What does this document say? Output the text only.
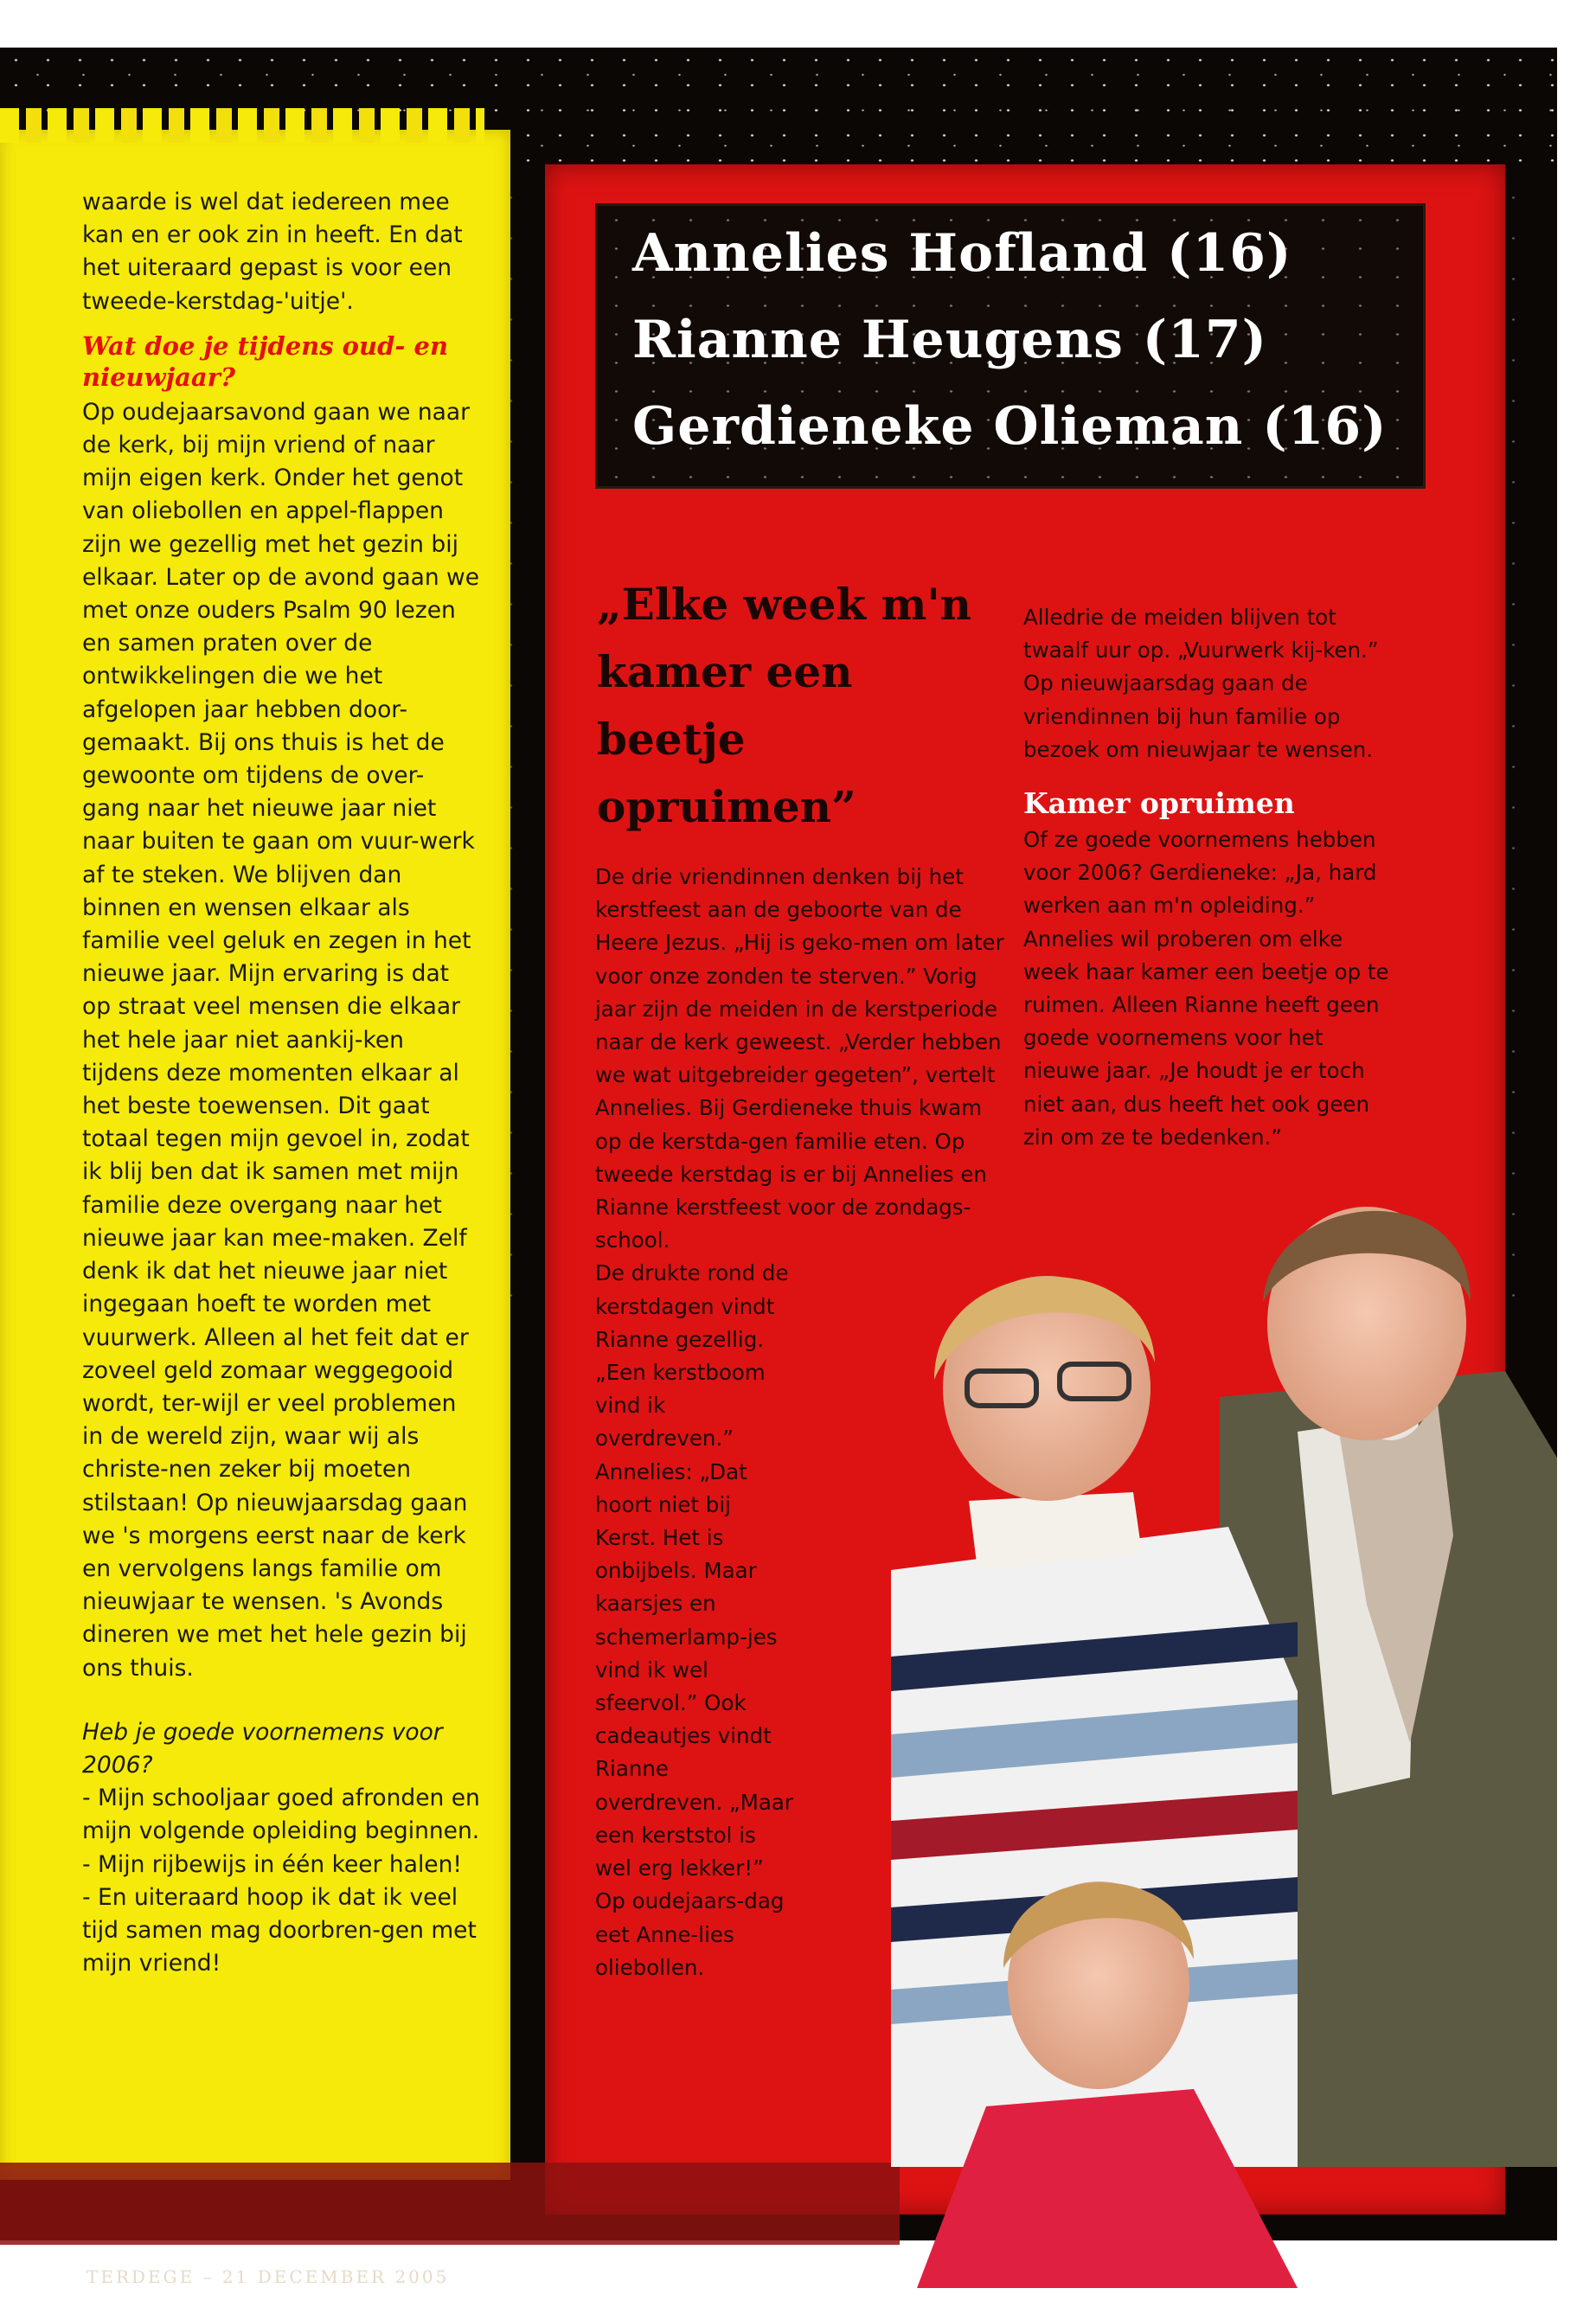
waarde is wel dat iedereen mee kan en er ook zin in heeft. En dat het uiteraard gepast is voor een tweede-kerstdag-'uitje'.

Wat doe je tijdens oud- en nieuwjaar?

Op oudejaarsavond gaan we naar de kerk, bij mijn vriend of naar mijn eigen kerk. Onder het genot van oliebollen en appel-flappen zijn we gezellig met het gezin bij elkaar. Later op de avond gaan we met onze ouders Psalm 90 lezen en samen praten over de ontwikkelingen die we het afgelopen jaar hebben door-gemaakt. Bij ons thuis is het de gewoonte om tijdens de over-gang naar het nieuwe jaar niet naar buiten te gaan om vuur-werk af te steken. We blijven dan binnen en wensen elkaar als familie veel geluk en zegen in het nieuwe jaar. Mijn ervaring is dat op straat veel mensen die elkaar het hele jaar niet aankij-ken tijdens deze momenten elkaar al het beste toewensen. Dit gaat totaal tegen mijn gevoel in, zodat ik blij ben dat ik samen met mijn familie deze overgang naar het nieuwe jaar kan mee-maken. Zelf denk ik dat het nieuwe jaar niet ingegaan hoeft te worden met vuurwerk. Alleen al het feit dat er zoveel geld zomaar weggegooid wordt, ter-wijl er veel problemen in de wereld zijn, waar wij als christe-nen zeker bij moeten stilstaan! Op nieuwjaarsdag gaan we 's morgens eerst naar de kerk en vervolgens langs familie om nieuwjaar te wensen. 's Avonds dineren we met het hele gezin bij ons thuis.

Heb je goede voornemens voor 2006?

- Mijn schooljaar goed afronden en mijn volgende opleiding beginnen.

- Mijn rijbewijs in één keer halen!

- En uiteraard hoop ik dat ik veel tijd samen mag doorbren-gen met mijn vriend!

Annelies Hofland (16)
Rianne Heugens (17)
Gerdieneke Olieman (16)
„Elke week m'n kamer een beetje opruimen”

De drie vriendinnen denken bij het kerstfeest aan de geboorte van de Heere Jezus. „Hij is geko-men om later voor onze zonden te sterven.” Vorig jaar zijn de meiden in de kerstperiode naar de kerk geweest. „Verder hebben we wat uitgebreider gegeten”, vertelt Annelies. Bij Gerdieneke thuis kwam op de kerstda-gen familie eten. Op tweede kerstdag is er bij Annelies en Rianne kerstfeest voor de zondags-school.

De drukte rond de kerstdagen vindt Rianne gezellig. „Een kerstboom vind ik overdreven.” Annelies: „Dat hoort niet bij Kerst. Het is onbijbels. Maar kaarsjes en schemerlamp-jes vind ik wel sfeervol.” Ook cadeautjes vindt Rianne overdreven. „Maar een kerststol is wel erg lekker!” Op oudejaars-dag eet Anne-lies oliebollen.

Alledrie de meiden blijven tot twaalf uur op. „Vuurwerk kij-ken.” Op nieuwjaarsdag gaan de vriendinnen bij hun familie op bezoek om nieuwjaar te wensen.

Kamer opruimen

Of ze goede voornemens hebben voor 2006? Gerdieneke: „Ja, hard werken aan m'n opleiding.” Annelies wil proberen om elke week haar kamer een beetje op te ruimen. Alleen Rianne heeft geen goede voornemens voor het nieuwe jaar. „Je houdt je er toch niet aan, dus heeft het ook geen zin om ze te bedenken.”

TERDEGE – 21 DECEMBER 2005
